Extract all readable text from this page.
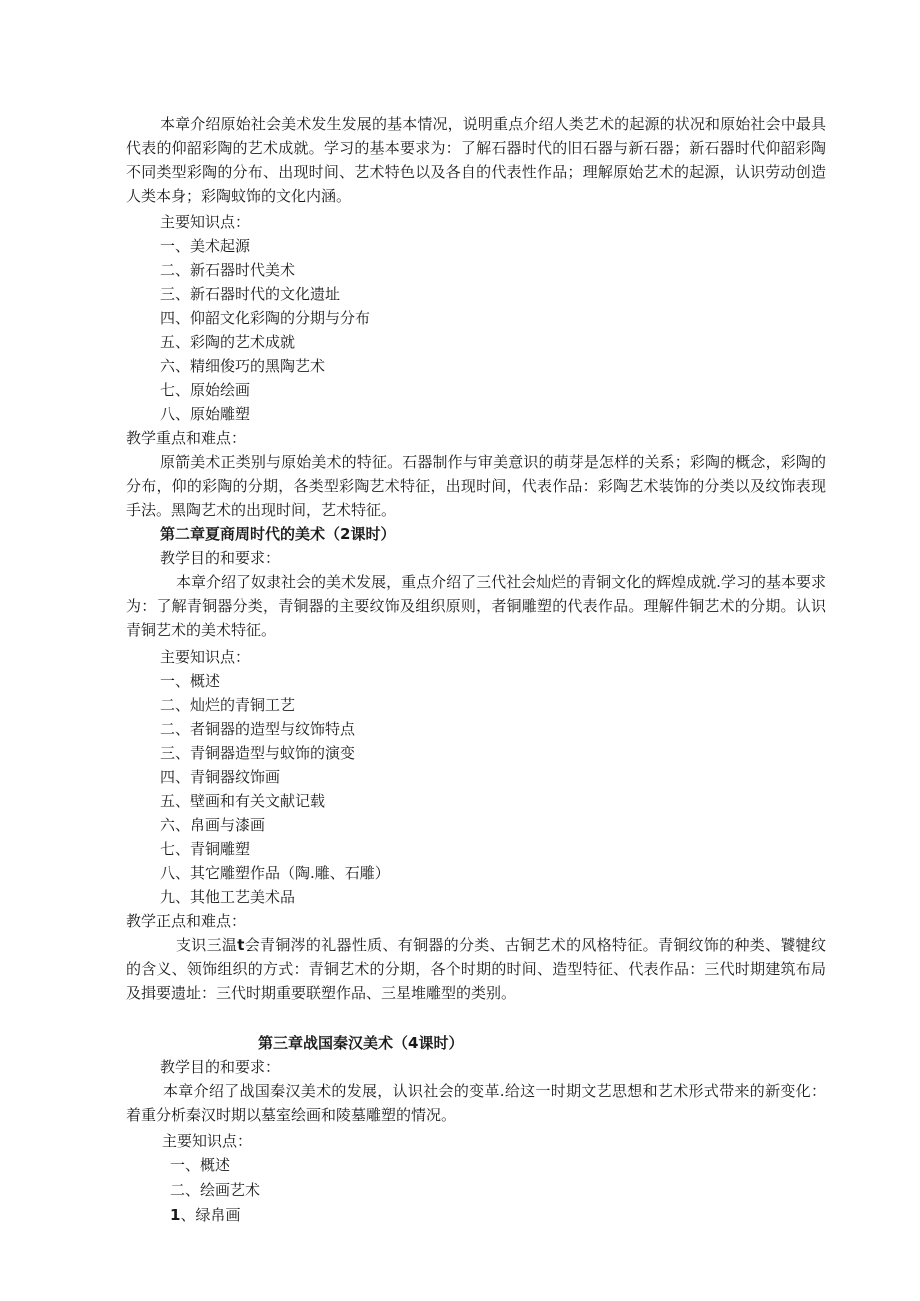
本章介绍原始社会美术发生发展的基本情况，说明重点介绍人类艺术的起源的状况和原始社会中最具代表的仰韶彩陶的艺术成就。学习的基本要求为：了解石器时代的旧石器与新石器；新石器时代仰韶彩陶不同类型彩陶的分布、出现时间、艺术特色以及各自的代表性作品；理解原始艺术的起源，认识劳动创造人类本身；彩陶蚊饰的文化内涵。
主要知识点：
一、美术起源
二、新石器时代美术
三、新石器时代的文化遗址
四、仰韶文化彩陶的分期与分布
五、彩陶的艺术成就
六、精细俊巧的黑陶艺术
七、原始绘画
八、原始雕塑
教学重点和难点：
原箭美术正类别与原始美术的特征。石器制作与审美意识的萌芽是怎样的关系；彩陶的概念，彩陶的分布，仰的彩陶的分期，各类型彩陶艺术特征，出现时间，代表作品：彩陶艺术装饰的分类以及纹饰表现手法。黑陶艺术的出现时间，艺术特征。
第二章夏商周时代的美术（2课时）
教学目的和要求：
本章介绍了奴隶社会的美术发展，重点介绍了三代社会灿烂的青铜文化的辉煌成就.学习的基本要求为：了解青铜器分类，青铜器的主要纹饰及组织原则，者铜雕塑的代表作品。理解件铜艺术的分期。认识青铜艺术的美术特征。
主要知识点：
一、概述
二、灿烂的青铜工艺
二、者铜器的造型与纹饰特点
三、青铜器造型与蚊饰的演变
四、青铜器纹饰画
五、壁画和有关文献记载
六、帛画与漆画
七、青铜雕塑
八、其它雕塑作品（陶.雕、石雕）
九、其他工艺美术品
教学正点和难点：
支识三温t会青铜涔的礼器性质、有铜器的分类、古铜艺术的风格特征。青铜纹饰的种类、饕犍纹的含义、领饰组织的方式：青铜艺术的分期，各个时期的时间、造型特征、代表作品：三代时期建筑布局及揖要遗址：三代时期重要联塑作品、三星堆雕型的类别。
第三章战国秦汉美术（4课时）
教学目的和要求：
本章介绍了战国秦汉美术的发展，认识社会的变革.给这一时期文艺思想和艺术形式带来的新变化：着重分析秦汉时期以墓室绘画和陵墓雕塑的情况。
主要知识点：
一、概述
二、绘画艺术
1、绿帛画
